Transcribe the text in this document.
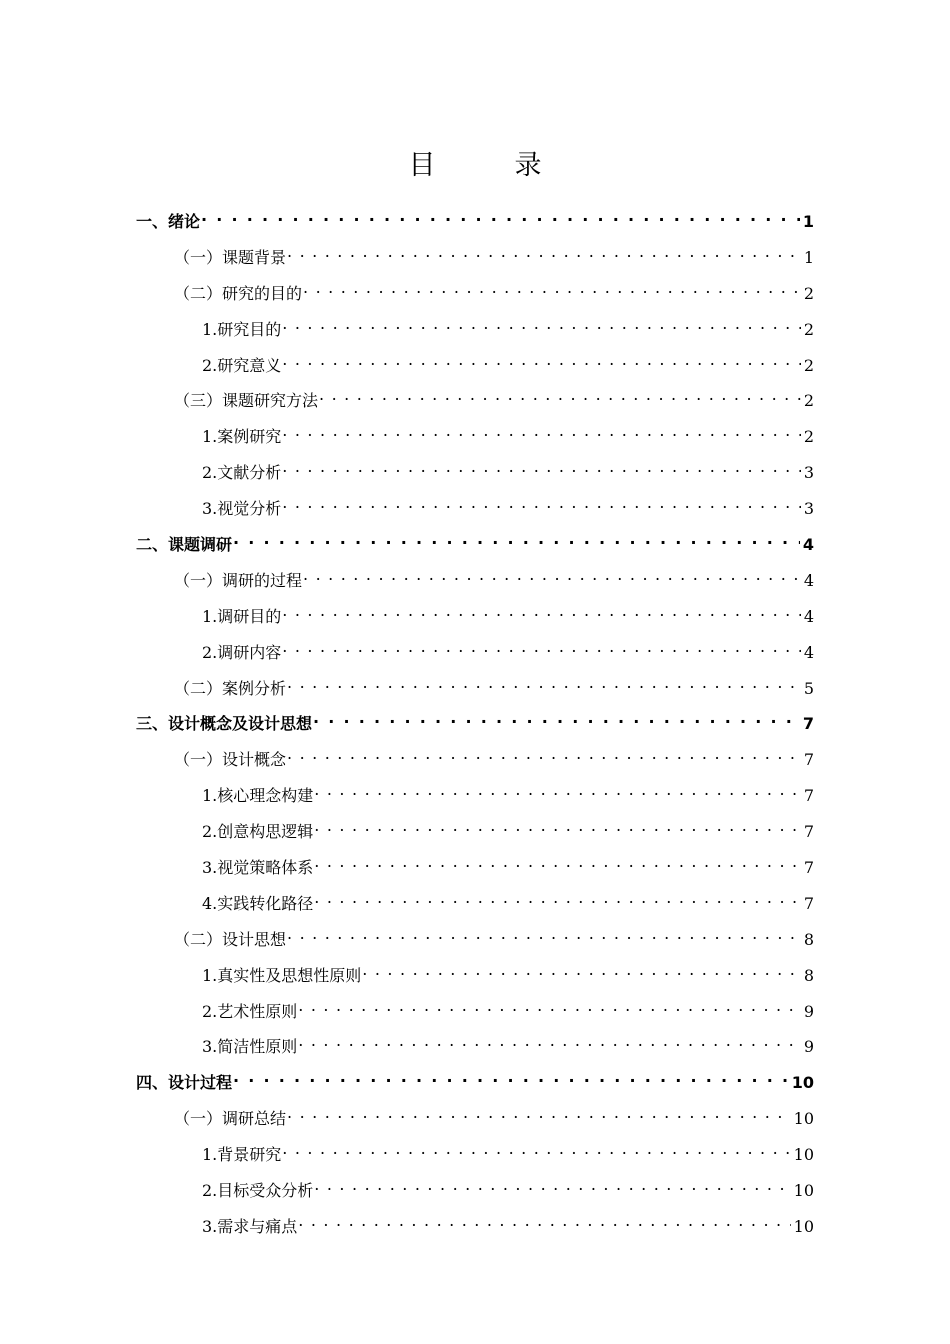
目　录
一、绪论 . . .	1
（一）课题背景 . . .	1
（二）研究的目的 . . .	2
1.研究目的 . . .	2
2.研究意义 . . .	2
（三）课题研究方法 . . .	2
1.案例研究 . . .	2
2.文献分析 . . .	3
3.视觉分析 . . .	3
二、课题调研 . . .	4
（一）调研的过程 . . .	4
1.调研目的 . . .	4
2.调研内容 . . .	4
（二）案例分析 . . .	5
三、设计概念及设计思想 . . .	7
（一）设计概念 . . .	7
1.核心理念构建 . . .	7
2.创意构思逻辑 . . .	7
3.视觉策略体系 . . .	7
4.实践转化路径 . . .	7
（二）设计思想 . . .	8
1.真实性及思想性原则 . . .	8
2.艺术性原则 . . .	9
3.简洁性原则 . . .	9
四、设计过程 . . .	10
（一）调研总结 . . .	10
1.背景研究 . . .	10
2.目标受众分析 . . .	10
3.需求与痛点 . . .	10
